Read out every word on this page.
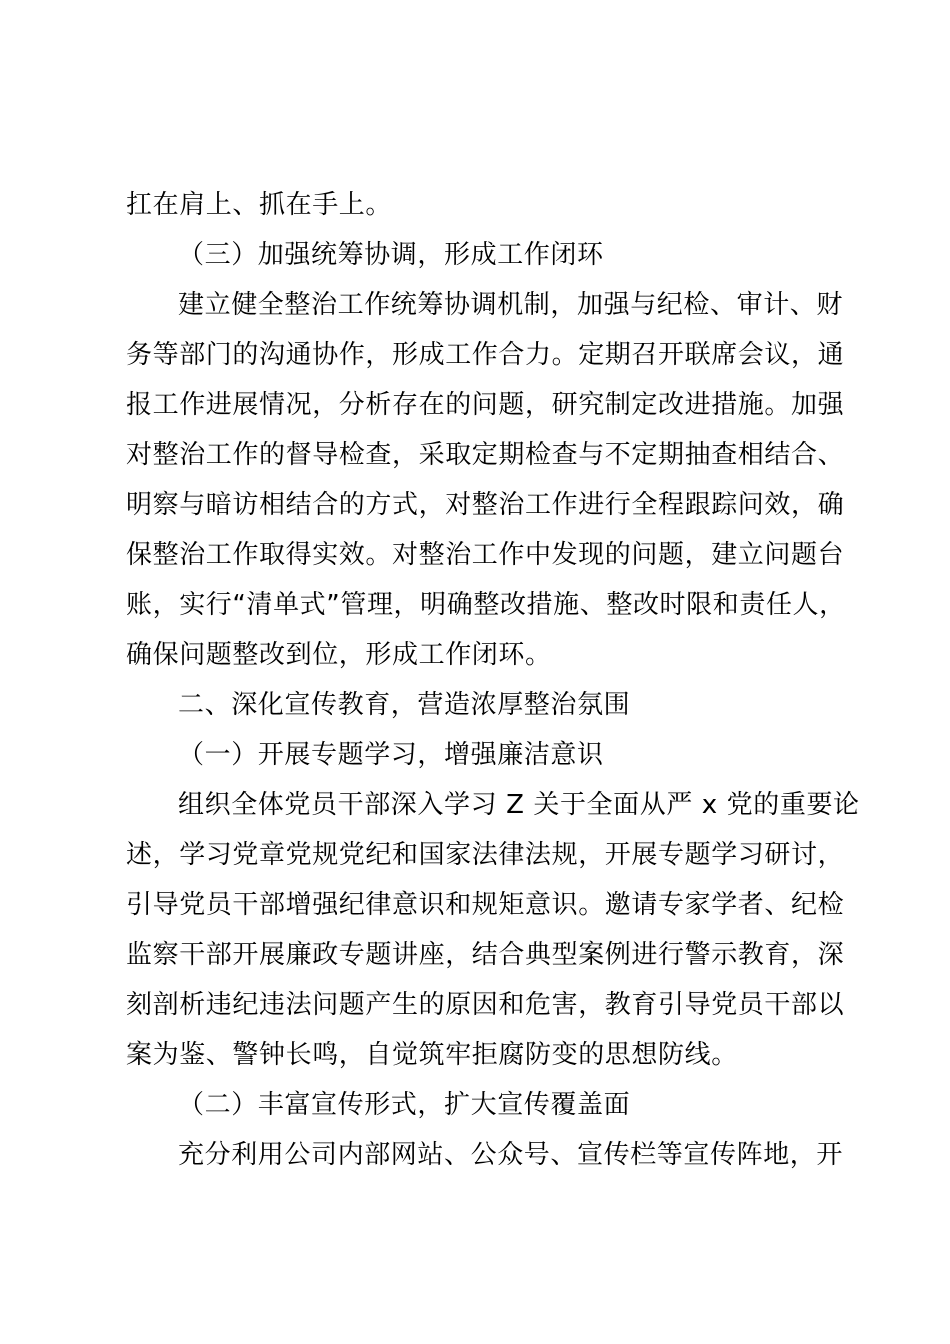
扛在肩上、抓在手上。
（三）加强统筹协调，形成工作闭环
建立健全整治工作统筹协调机制，加强与纪检、审计、财
务等部门的沟通协作，形成工作合力。定期召开联席会议，通
报工作进展情况，分析存在的问题，研究制定改进措施。加强
对整治工作的督导检查，采取定期检查与不定期抽查相结合、
明察与暗访相结合的方式，对整治工作进行全程跟踪问效，确
保整治工作取得实效。对整治工作中发现的问题，建立问题台
账，实行“清单式”管理，明确整改措施、整改时限和责任人，
确保问题整改到位，形成工作闭环。
二、深化宣传教育，营造浓厚整治氛围
（一）开展专题学习，增强廉洁意识
组织全体党员干部深入学习 Z 关于全面从严 x 党的重要论
述，学习党章党规党纪和国家法律法规，开展专题学习研讨，
引导党员干部增强纪律意识和规矩意识。邀请专家学者、纪检
监察干部开展廉政专题讲座，结合典型案例进行警示教育，深
刻剖析违纪违法问题产生的原因和危害，教育引导党员干部以
案为鉴、警钟长鸣，自觉筑牢拒腐防变的思想防线。
（二）丰富宣传形式，扩大宣传覆盖面
充分利用公司内部网站、公众号、宣传栏等宣传阵地，开
